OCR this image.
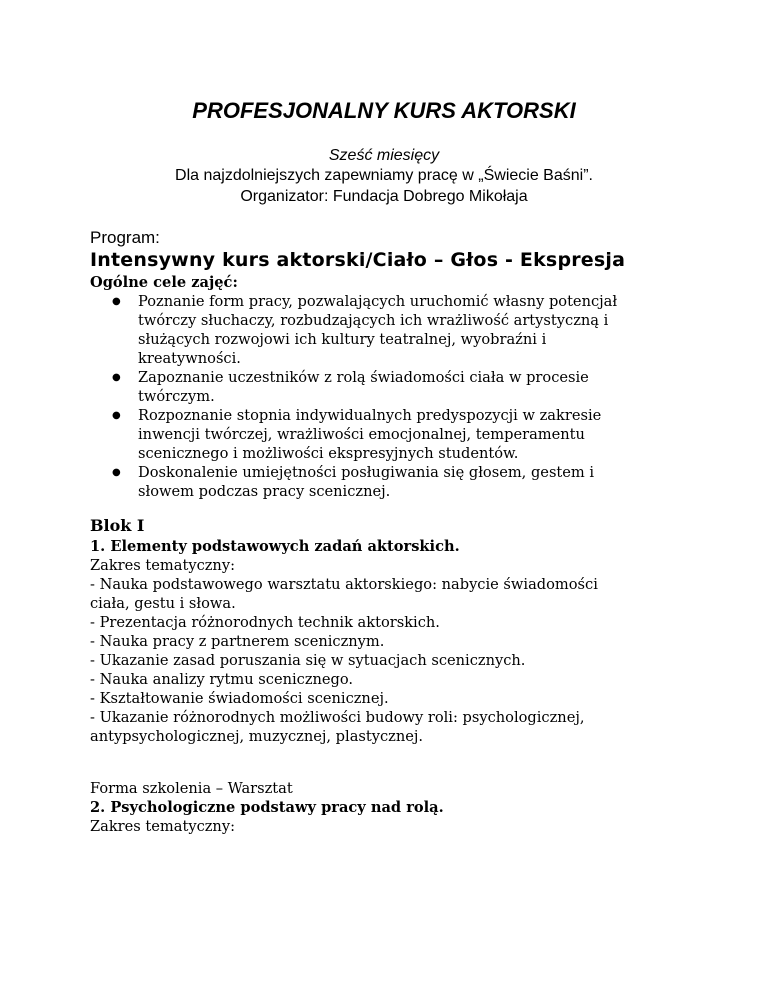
PROFESJONALNY KURS AKTORSKI
Sześć miesięcy
Dla najzdolniejszych zapewniamy pracę w „Świecie Baśni”.
Organizator: Fundacja Dobrego Mikołaja
Program:
Intensywny kurs aktorski/Ciało – Głos - Ekspresja
Ogólne cele zajęć:
● Poznanie form pracy, pozwalających uruchomić własny potencjał
twórczy słuchaczy, rozbudzających ich wrażliwość artystyczną i
służących rozwojowi ich kultury teatralnej, wyobraźni i
kreatywności.
● Zapoznanie uczestników z rolą świadomości ciała w procesie
twórczym.
● Rozpoznanie stopnia indywidualnych predyspozycji w zakresie
inwencji twórczej, wrażliwości emocjonalnej, temperamentu
scenicznego i możliwości ekspresyjnych studentów.
● Doskonalenie umiejętności posługiwania się głosem, gestem i
słowem podczas pracy scenicznej.
Blok I
1. Elementy podstawowych zadań aktorskich.
Zakres tematyczny:
- Nauka podstawowego warsztatu aktorskiego: nabycie świadomości
ciała, gestu i słowa.
- Prezentacja różnorodnych technik aktorskich.
- Nauka pracy z partnerem scenicznym.
- Ukazanie zasad poruszania się w sytuacjach scenicznych.
- Nauka analizy rytmu scenicznego.
- Kształtowanie świadomości scenicznej.
- Ukazanie różnorodnych możliwości budowy roli: psychologicznej,
antypsychologicznej, muzycznej, plastycznej.
Forma szkolenia – Warsztat
2. Psychologiczne podstawy pracy nad rolą.
Zakres tematyczny:
